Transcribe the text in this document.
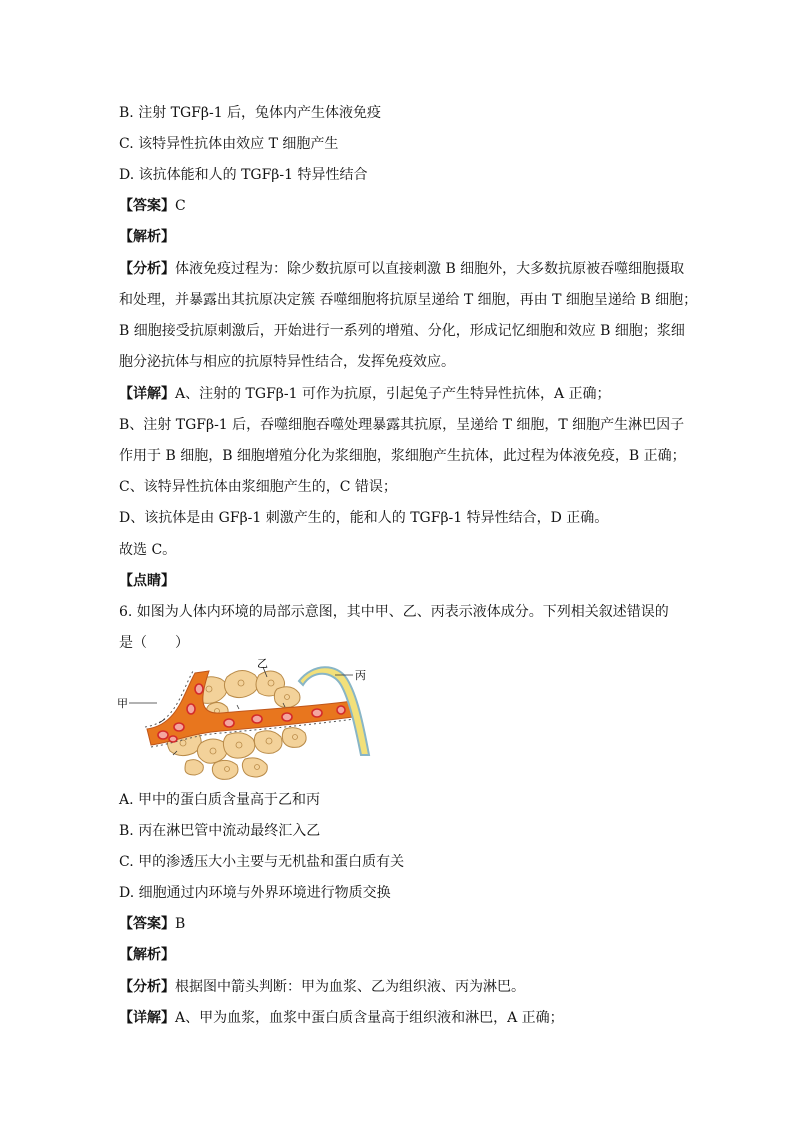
B. 注射 TGFβ-1 后，兔体内产生体液免疫
C. 该特异性抗体由效应 T 细胞产生
D. 该抗体能和人的 TGFβ-1 特异性结合
【答案】C
【解析】
【分析】体液免疫过程为：除少数抗原可以直接刺激 B 细胞外，大多数抗原被吞噬细胞摄取
和处理，并暴露出其抗原决定簇 吞噬细胞将抗原呈递给 T 细胞，再由 T 细胞呈递给 B 细胞；
B 细胞接受抗原刺激后，开始进行一系列的增殖、分化，形成记忆细胞和效应 B 细胞；浆细
胞分泌抗体与相应的抗原特异性结合，发挥免疫效应。
【详解】A、注射的 TGFβ-1 可作为抗原，引起兔子产生特异性抗体，A 正确；
B、注射 TGFβ-1 后，吞噬细胞吞噬处理暴露其抗原，呈递给 T 细胞，T 细胞产生淋巴因子
作用于 B 细胞，B 细胞增殖分化为浆细胞，浆细胞产生抗体，此过程为体液免疫，B 正确；
C、该特异性抗体由浆细胞产生的，C 错误；
D、该抗体是由 GFβ-1 刺激产生的，能和人的 TGFβ-1 特异性结合，D 正确。
故选 C。
【点睛】
6. 如图为人体内环境的局部示意图，其中甲、乙、丙表示液体成分。下列相关叙述错误的
是（　　）
乙
丙
甲
A. 甲中的蛋白质含量高于乙和丙
B. 丙在淋巴管中流动最终汇入乙
C. 甲的渗透压大小主要与无机盐和蛋白质有关
D. 细胞通过内环境与外界环境进行物质交换
【答案】B
【解析】
【分析】根据图中箭头判断：甲为血浆、乙为组织液、丙为淋巴。
【详解】A、甲为血浆，血浆中蛋白质含量高于组织液和淋巴，A 正确；
